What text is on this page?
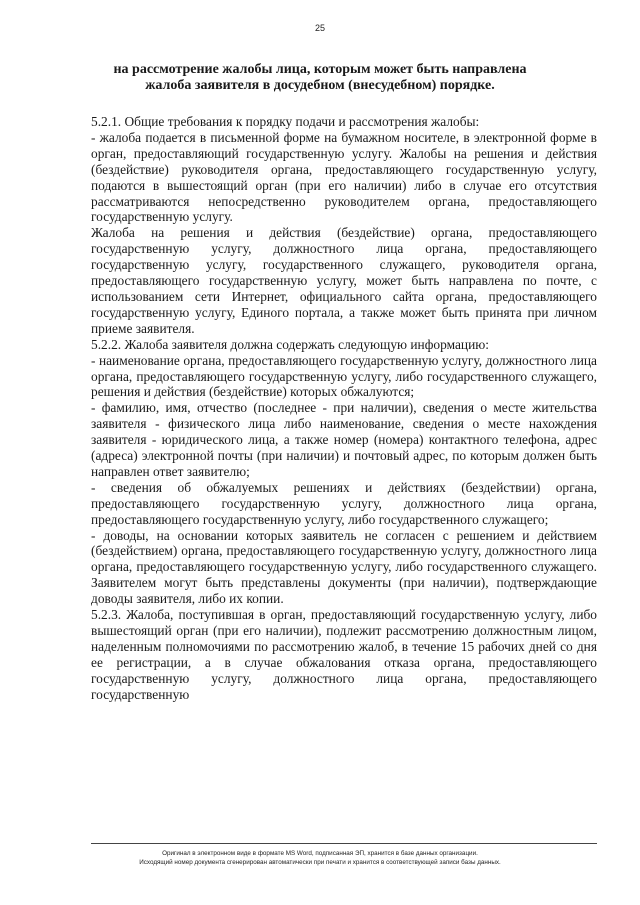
25
на рассмотрение жалобы лица, которым может быть направлена
жалоба заявителя в досудебном (внесудебном) порядке.

5.2.1. Общие требования к порядку подачи и рассмотрения жалобы:

- жалоба подается в письменной форме на бумажном носителе, в электронной форме в орган, предоставляющий государственную услугу. Жалобы на решения и действия (бездействие) руководителя органа, предоставляющего государственную услугу, подаются в вышестоящий орган (при его наличии) либо в случае его отсутствия рассматриваются непосредственно руководителем органа, предоставляющего государственную услугу.

Жалоба на решения и действия (бездействие) органа, предоставляющего государственную услугу, должностного лица органа, предоставляющего государственную услугу, государственного служащего, руководителя органа, предоставляющего государственную услугу, может быть направлена по почте, с использованием сети Интернет, официального сайта органа, предоставляющего государственную услугу, Единого портала, а также может быть принята при личном приеме заявителя.

5.2.2. Жалоба заявителя должна содержать следующую информацию:

- наименование органа, предоставляющего государственную услугу, должностного лица органа, предоставляющего государственную услугу, либо государственного служащего, решения и действия (бездействие) которых обжалуются;

- фамилию, имя, отчество (последнее - при наличии), сведения о месте жительства заявителя - физического лица либо наименование, сведения о месте нахождения заявителя - юридического лица, а также номер (номера) контактного телефона, адрес (адреса) электронной почты (при наличии) и почтовый адрес, по которым должен быть направлен ответ заявителю;

- сведения об обжалуемых решениях и действиях (бездействии) органа, предоставляющего государственную услугу, должностного лица органа, предоставляющего государственную услугу, либо государственного служащего;

- доводы, на основании которых заявитель не согласен с решением и действием (бездействием) органа, предоставляющего государственную услугу, должностного лица органа, предоставляющего государственную услугу, либо государственного служащего. Заявителем могут быть представлены документы (при наличии), подтверждающие доводы заявителя, либо их копии.

5.2.3. Жалоба, поступившая в орган, предоставляющий государственную услугу, либо вышестоящий орган (при его наличии), подлежит рассмотрению должностным лицом, наделенным полномочиями по рассмотрению жалоб, в течение 15 рабочих дней со дня ее регистрации, а в случае обжалования отказа органа, предоставляющего государственную услугу, должностного лица органа, предоставляющего государственную

Оригинал в электронном виде в формате MS Word, подписанная ЭП, хранится в базе данных организации.
Исходящий номер документа сгенерирован автоматически при печати и хранится в соответствующей записи базы данных.
